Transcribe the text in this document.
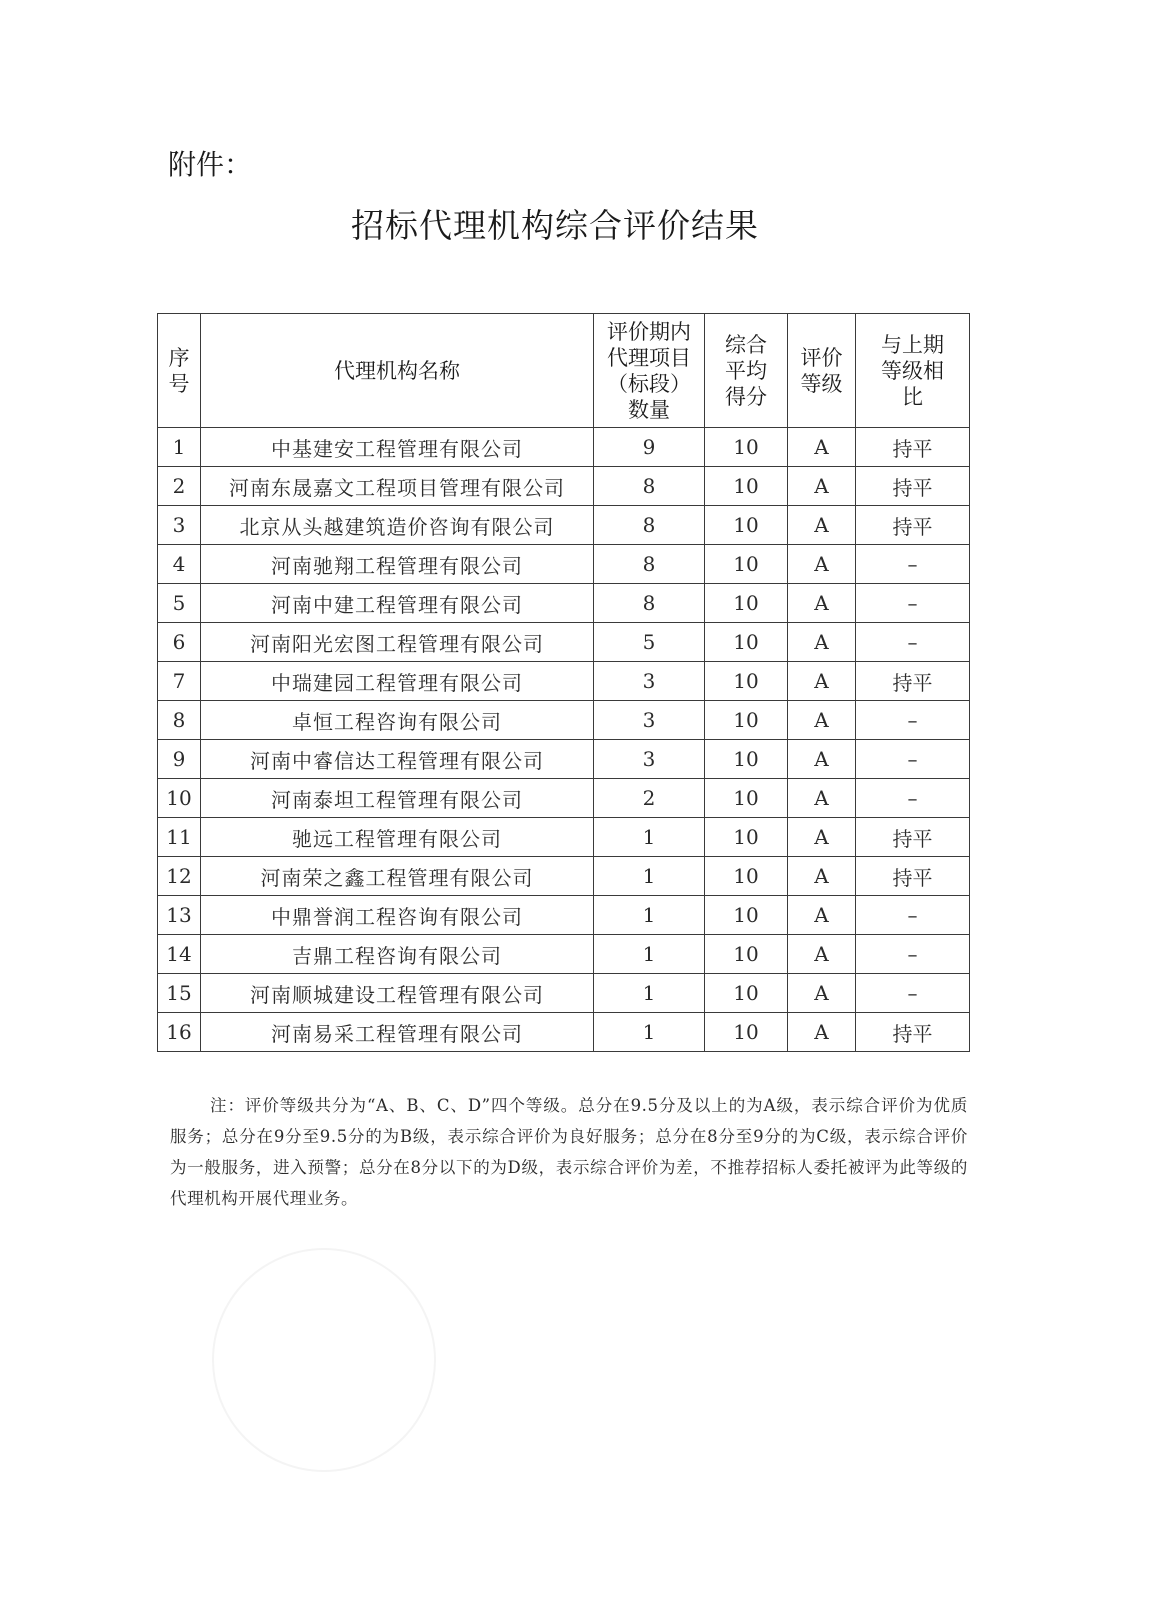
附件：
招标代理机构综合评价结果
序号	代理机构名称	评价期内代理项目（标段）数量	综合平均得分	评价等级	与上期等级相比
1	中基建安工程管理有限公司	9	10	A	持平
2	河南东晟嘉文工程项目管理有限公司	8	10	A	持平
3	北京从头越建筑造价咨询有限公司	8	10	A	持平
4	河南驰翔工程管理有限公司	8	10	A	–
5	河南中建工程管理有限公司	8	10	A	–
6	河南阳光宏图工程管理有限公司	5	10	A	–
7	中瑞建园工程管理有限公司	3	10	A	持平
8	卓恒工程咨询有限公司	3	10	A	–
9	河南中睿信达工程管理有限公司	3	10	A	–
10	河南泰坦工程管理有限公司	2	10	A	–
11	驰远工程管理有限公司	1	10	A	持平
12	河南荣之鑫工程管理有限公司	1	10	A	持平
13	中鼎誉润工程咨询有限公司	1	10	A	–
14	吉鼎工程咨询有限公司	1	10	A	–
15	河南顺城建设工程管理有限公司	1	10	A	–
16	河南易采工程管理有限公司	1	10	A	持平
注：评价等级共分为“A、B、C、D”四个等级。总分在9.5分及以上的为A级，表示综合评价为优质服务；总分在9分至9.5分的为B级，表示综合评价为良好服务；总分在8分至9分的为C级，表示综合评价为一般服务，进入预警；总分在8分以下的为D级，表示综合评价为差，不推荐招标人委托被评为此等级的代理机构开展代理业务。
